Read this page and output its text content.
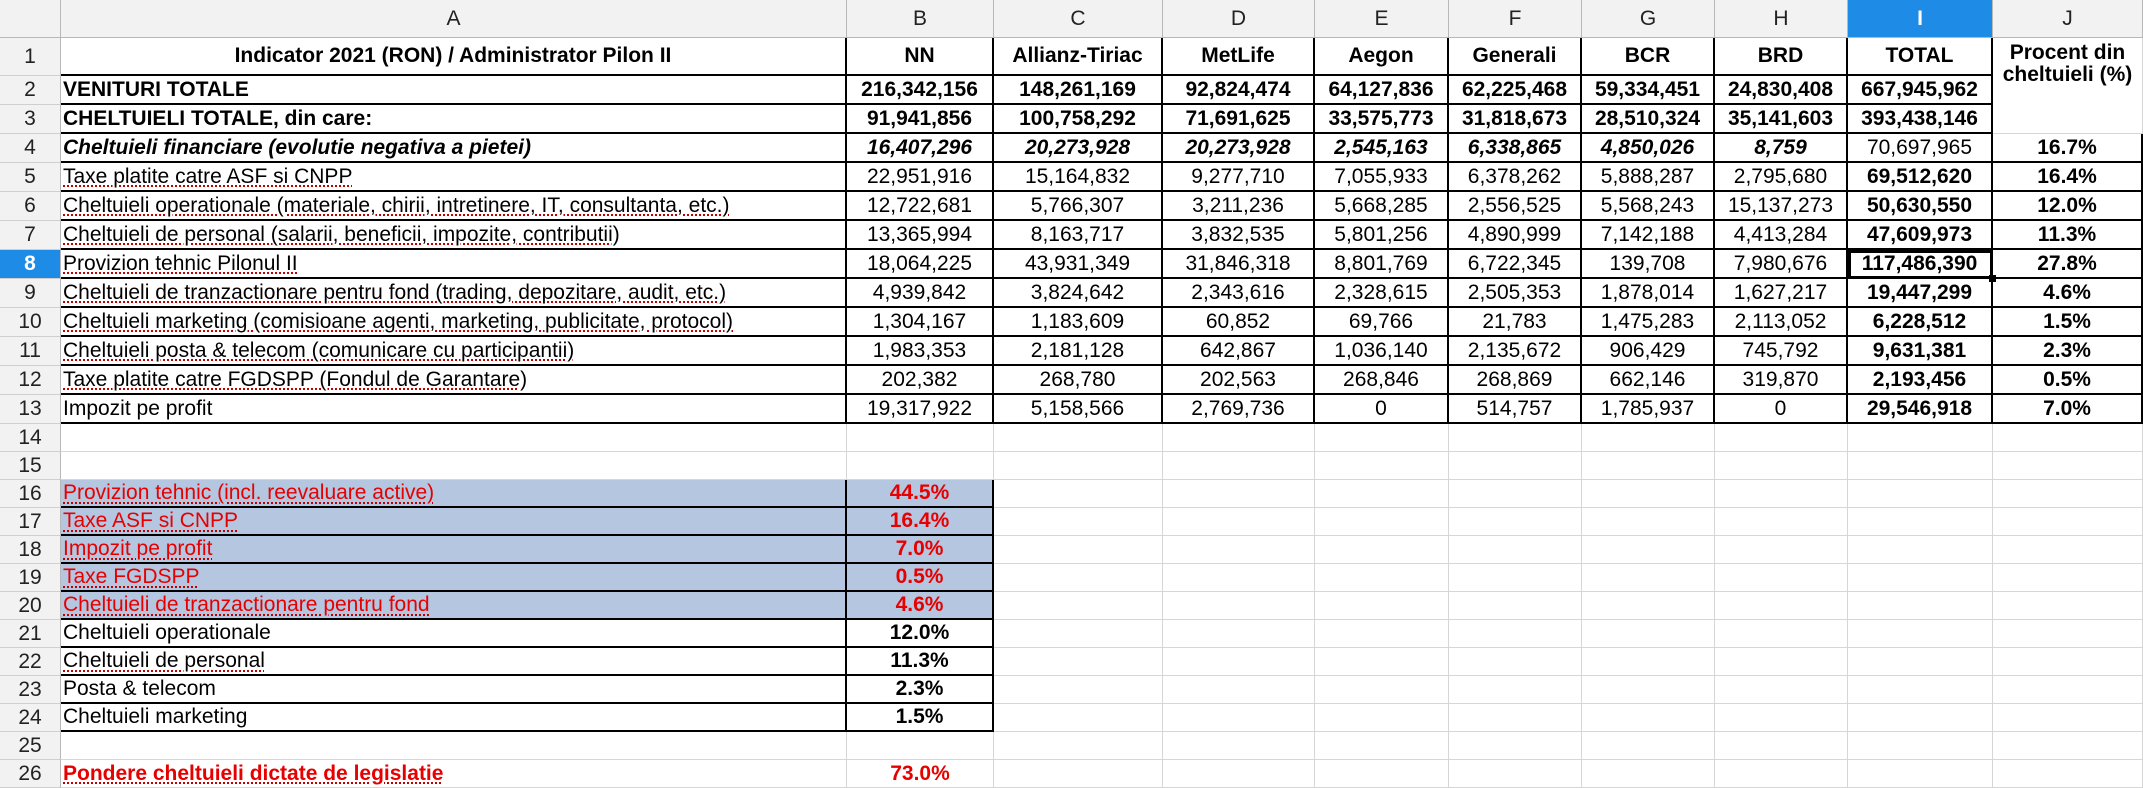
A	B	C	D	E	F	G	H	I	J
1	Indicator 2021 (RON) / Administrator Pilon II	NN	Allianz-Tiriac	MetLife	Aegon	Generali	BCR	BRD	TOTAL	Procent din cheltuieli (%)
2	VENITURI TOTALE	216,342,156 148,261,169 92,824,474 64,127,836 62,225,468 59,334,451 24,830,408 667,945,962
3	CHELTUIELI TOTALE, din care:	91,941,856 100,758,292 71,691,625 33,575,773 31,818,673 28,510,324 35,141,603 393,438,146
4	Cheltuieli financiare (evolutie negativa a pietei)	16,407,296	20,273,928	20,273,928 2,545,163 6,338,865 4,850,026	8,759	70,697,965	16.7%
5	Taxe platite catre ASF si CNPP	22,951,916	15,164,832	9,277,710 7,055,933 6,378,262 5,888,287 2,795,680 69,512,620	16.4%
6	Cheltuieli operationale (materiale, chirii, intretinere, IT, consultanta, etc.)	12,722,681	5,766,307	3,211,236 5,668,285 2,556,525 5,568,243 15,137,273 50,630,550	12.0%
7	Cheltuieli de personal (salarii, beneficii, impozite, contributii)	13,365,994	8,163,717	3,832,535 5,801,256 4,890,999 7,142,188 4,413,284 47,609,973	11.3%
8	Provizion tehnic Pilonul II	18,064,225	43,931,349	31,846,318 8,801,769 6,722,345 139,708 7,980,676 117,486,390	27.8%
9	Cheltuieli de tranzactionare pentru fond (trading, depozitare, audit, etc.)	4,939,842	3,824,642	2,343,616 2,328,615 2,505,353 1,878,014 1,627,217 19,447,299	4.6%
10	Cheltuieli marketing (comisioane agenti, marketing, publicitate, protocol)	1,304,167	1,183,609	60,852	69,766	21,783	1,475,283 2,113,052 6,228,512	1.5%
11	Cheltuieli posta & telecom (comunicare cu participantii)	1,983,353	2,181,128	642,867	1,036,140 2,135,672 906,429	745,792	9,631,381	2.3%
12	Taxe platite catre FGDSPP (Fondul de Garantare)	202,382	268,780	202,563	268,846	268,869	662,146	319,870	2,193,456	0.5%
13	Impozit pe profit	19,317,922	5,158,566	2,769,736	0	514,757 1,785,937	0	29,546,918	7.0%
14
15
16	Provizion tehnic (incl. reevaluare active)	44.5%
17	Taxe ASF si CNPP	16.4%
18	Impozit pe profit	7.0%
19	Taxe FGDSPP	0.5%
20	Cheltuieli de tranzactionare pentru fond	4.6%
21	Cheltuieli operationale	12.0%
22	Cheltuieli de personal	11.3%
23	Posta & telecom	2.3%
24	Cheltuieli marketing	1.5%
25
26	Pondere cheltuieli dictate de legislatie	73.0%
